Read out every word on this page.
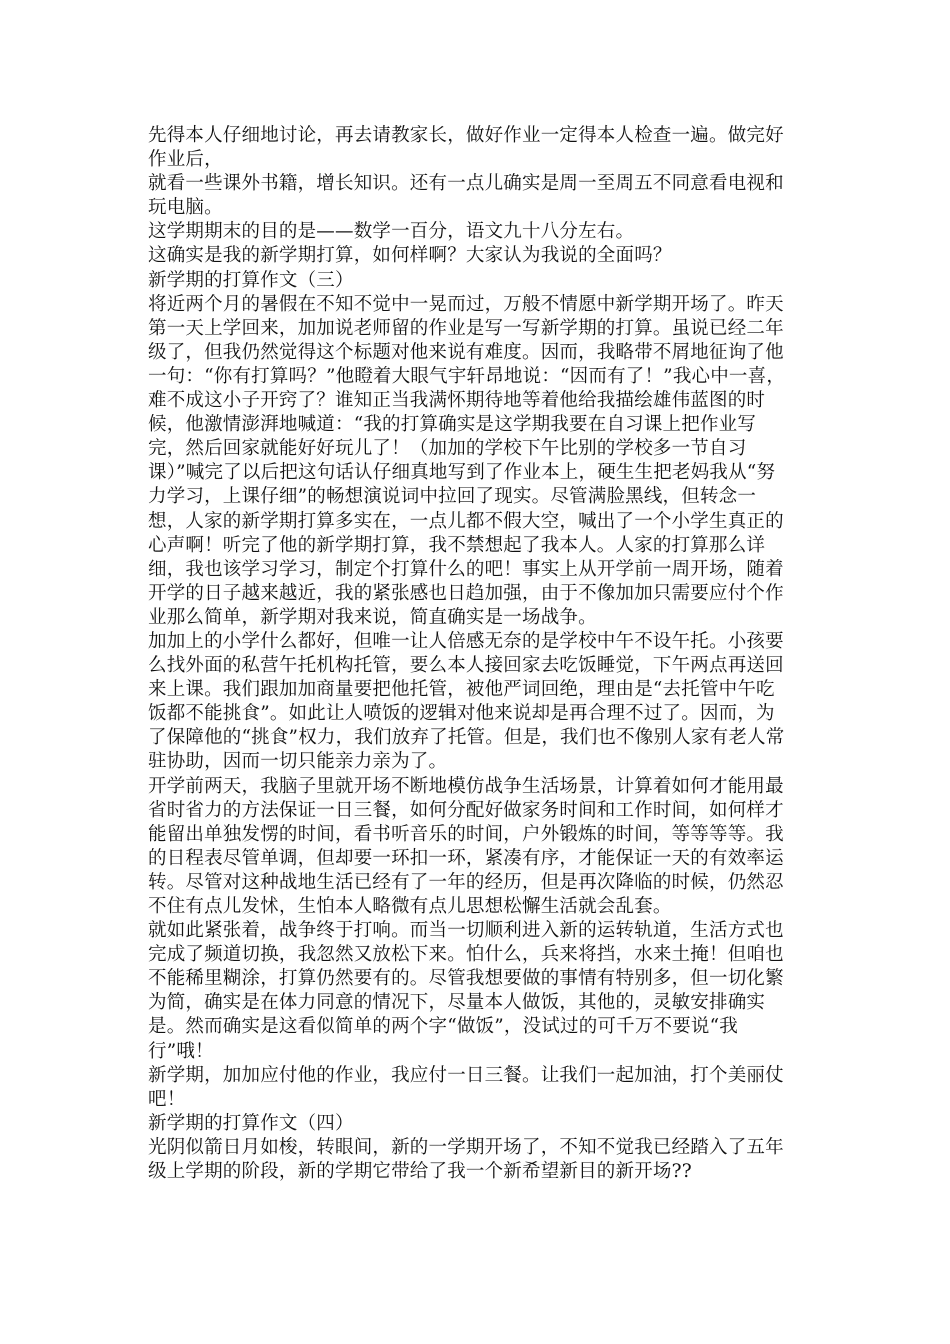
先得本人仔细地讨论，再去请教家长，做好作业一定得本人检查一遍。做完好
作业后，
就看一些课外书籍，增长知识。还有一点儿确实是周一至周五不同意看电视和
玩电脑。
这学期期末的目的是——数学一百分，语文九十八分左右。
这确实是我的新学期打算，如何样啊？大家认为我说的全面吗？
新学期的打算作文（三）
将近两个月的暑假在不知不觉中一晃而过，万般不情愿中新学期开场了。昨天
第一天上学回来，加加说老师留的作业是写一写新学期的打算。虽说已经二年
级了，但我仍然觉得这个标题对他来说有难度。因而，我略带不屑地征询了他
一句：“你有打算吗？”他瞪着大眼气宇轩昂地说：“因而有了！”我心中一喜，
难不成这小子开窍了？谁知正当我满怀期待地等着他给我描绘雄伟蓝图的时
候，他激情澎湃地喊道：“我的打算确实是这学期我要在自习课上把作业写
完，然后回家就能好好玩儿了！（加加的学校下午比别的学校多一节自习
课）”喊完了以后把这句话认仔细真地写到了作业本上，硬生生把老妈我从“努
力学习，上课仔细”的畅想演说词中拉回了现实。尽管满脸黑线，但转念一
想，人家的新学期打算多实在，一点儿都不假大空，喊出了一个小学生真正的
心声啊！听完了他的新学期打算，我不禁想起了我本人。人家的打算那么详
细，我也该学习学习，制定个打算什么的吧！事实上从开学前一周开场，随着
开学的日子越来越近，我的紧张感也日趋加强，由于不像加加只需要应付个作
业那么简单，新学期对我来说，简直确实是一场战争。
加加上的小学什么都好，但唯一让人倍感无奈的是学校中午不设午托。小孩要
么找外面的私营午托机构托管，要么本人接回家去吃饭睡觉，下午两点再送回
来上课。我们跟加加商量要把他托管，被他严词回绝，理由是“去托管中午吃
饭都不能挑食”。如此让人喷饭的逻辑对他来说却是再合理不过了。因而，为
了保障他的“挑食”权力，我们放弃了托管。但是，我们也不像别人家有老人常
驻协助，因而一切只能亲力亲为了。
开学前两天，我脑子里就开场不断地模仿战争生活场景，计算着如何才能用最
省时省力的方法保证一日三餐，如何分配好做家务时间和工作时间，如何样才
能留出单独发愣的时间，看书听音乐的时间，户外锻炼的时间，等等等等。我
的日程表尽管单调，但却要一环扣一环，紧凑有序，才能保证一天的有效率运
转。尽管对这种战地生活已经有了一年的经历，但是再次降临的时候，仍然忍
不住有点儿发怵，生怕本人略微有点儿思想松懈生活就会乱套。
就如此紧张着，战争终于打响。而当一切顺利进入新的运转轨道，生活方式也
完成了频道切换，我忽然又放松下来。怕什么，兵来将挡，水来土掩！但咱也
不能稀里糊涂，打算仍然要有的。尽管我想要做的事情有特别多，但一切化繁
为简，确实是在体力同意的情况下，尽量本人做饭，其他的，灵敏安排确实
是。然而确实是这看似简单的两个字“做饭”，没试过的可千万不要说“我
行”哦！
新学期，加加应付他的作业，我应付一日三餐。让我们一起加油，打个美丽仗
吧！
新学期的打算作文（四）
光阴似箭日月如梭，转眼间，新的一学期开场了，不知不觉我已经踏入了五年
级上学期的阶段，新的学期它带给了我一个新希望新目的新开场??
